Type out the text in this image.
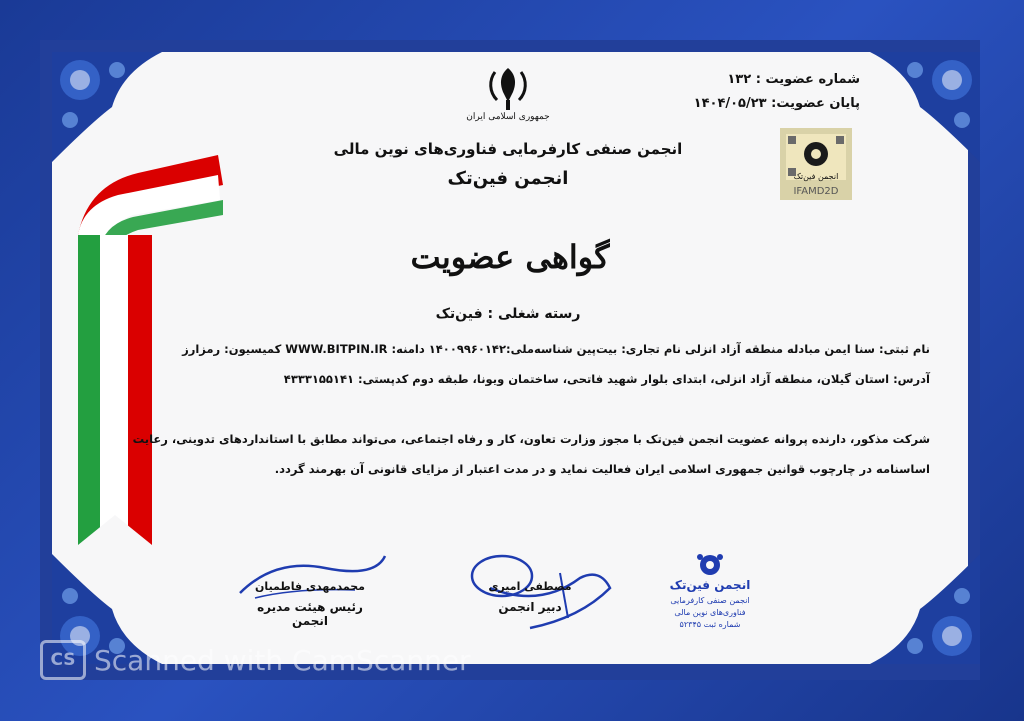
جمهوری اسلامی ایران
انجمن صنفی کارفرمایی فناوری‌های نوین مالی
انجمن فین‌تک
شماره عضویت : ۱۳۲
پایان عضویت: ۱۴۰۴/۰۵/۲۳
انجمن فین‌تک
IFAMD2D
گواهی عضویت
رسته شغلی : فین‌تک
نام ثبتی: سنا ایمن مبادله منطقه آزاد انزلی نام تجاری: بیت‌پین شناسه‌ملی:۱۴۰۰۹۹۶۰۱۴۲ دامنه: WWW.BITPIN.IR کمیسیون: رمزارز
آدرس: استان گیلان، منطقه آزاد انزلی، ابتدای بلوار شهید فاتحی، ساختمان ویونا، طبقه دوم کدپستی: ۴۳۳۳۱۵۵۱۴۱
شرکت مذکور، دارنده پروانه عضویت انجمن فین‌تک با مجوز وزارت تعاون، کار و رفاه اجتماعی، می‌تواند مطابق با استانداردهای تدوینی، رعایت
اساسنامه در چارچوب قوانین جمهوری اسلامی ایران فعالیت نماید و در مدت اعتبار از مزایای قانونی آن بهرمند گردد.
محمدمهدی فاطمیان
رئیس هیئت مدیره انجمن
مصطفی امیری
دبیر انجمن
انجمن فین‌تک
انجمن صنفی کارفرمایی
فناوری‌های نوین مالی
شماره ثبت ۵۲۳۴۵
CS Scanned with CamScanner
